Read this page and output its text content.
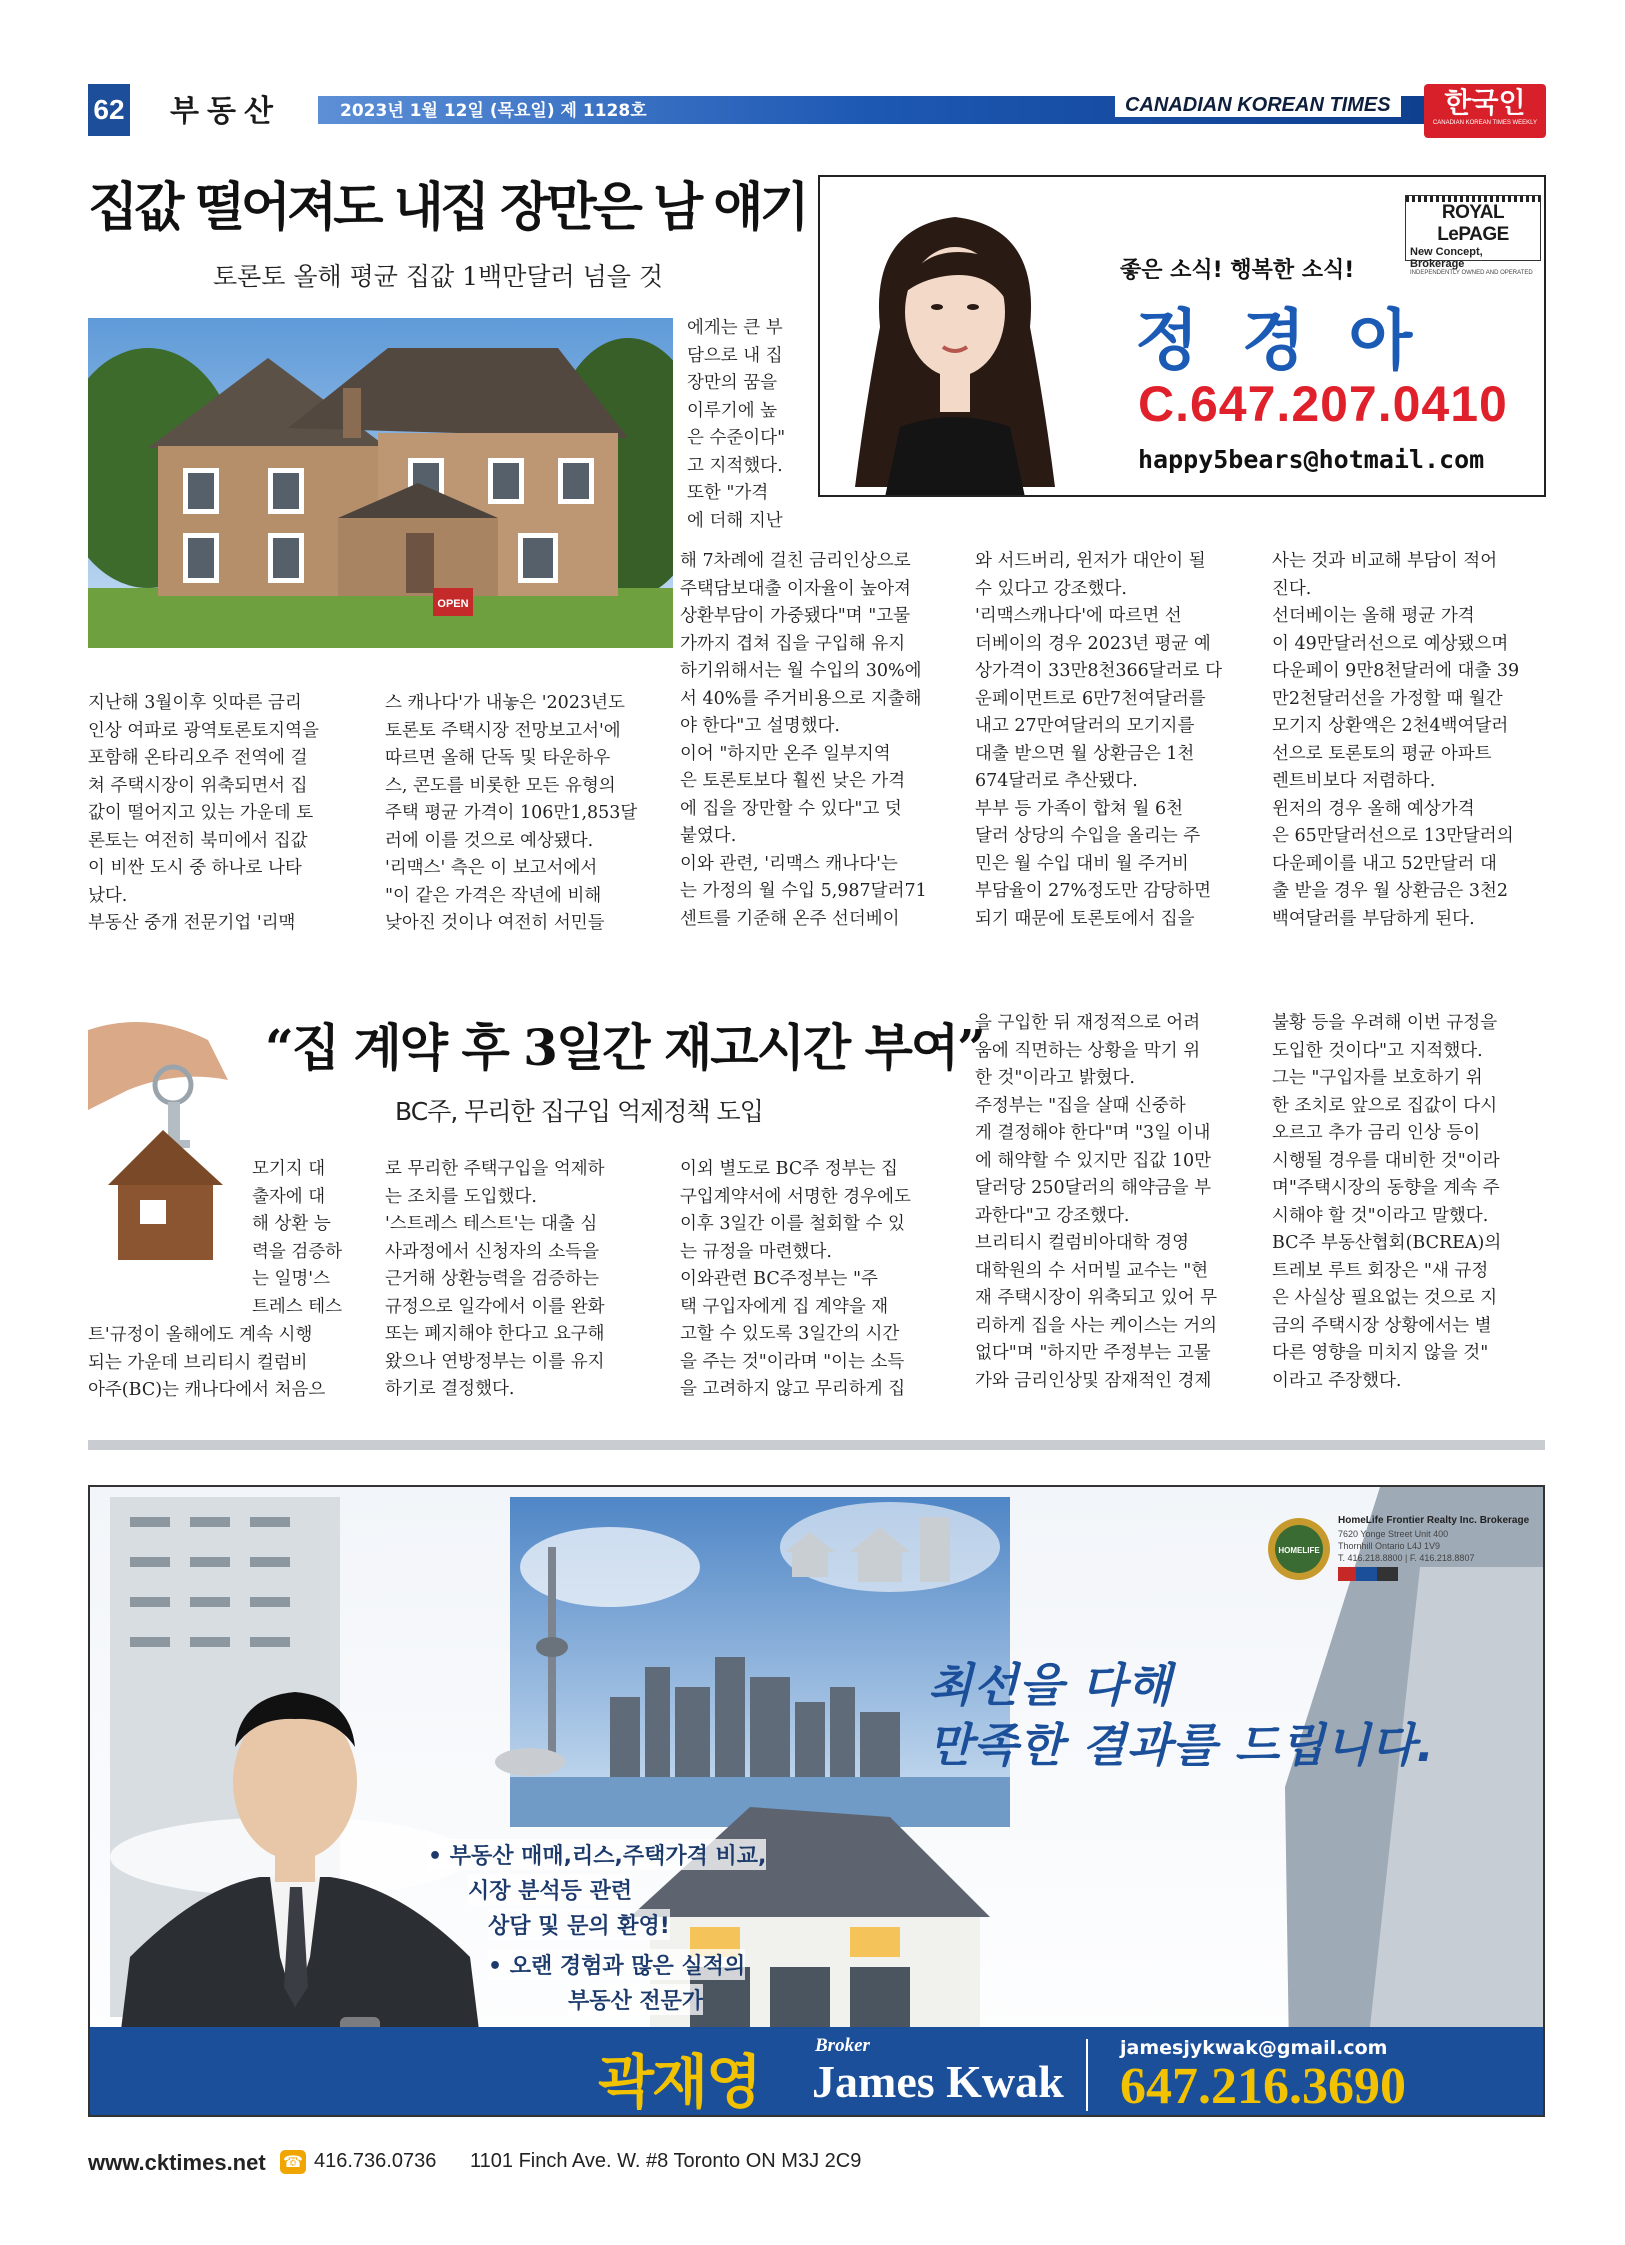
62 부동산	2023년 1월 12일 (목요일) 제 1128호	CANADIAN KOREAN TIMES	한국인
CANADIAN KOREAN TIMES WEEKLY
집값 떨어져도 내집 장만은 남 얘기
토론토 올해 평균 집값 1백만달러 넘을 것
OPEN
에게는 큰 부
담으로 내 집
장만의 꿈을
이루기에 높
은 수준이다"
고 지적했다.
또한 "가격
에 더해 지난
지난해 3월이후 잇따른 금리
인상 여파로 광역토론토지역을
포함해 온타리오주 전역에 걸
쳐 주택시장이 위축되면서 집
값이 떨어지고 있는 가운데 토
론토는 여전히 북미에서 집값
이 비싼 도시 중 하나로 나타
났다.
부동산 중개 전문기업 '리맥
스 캐나다'가 내놓은 '2023년도
토론토 주택시장 전망보고서'에
따르면 올해 단독 및 타운하우
스, 콘도를 비롯한 모든 유형의
주택 평균 가격이 106만1,853달
러에 이를 것으로 예상됐다.
'리맥스' 측은 이 보고서에서
"이 같은 가격은 작년에 비해
낮아진 것이나 여전히 서민들
해 7차례에 걸친 금리인상으로
주택담보대출 이자율이 높아져
상환부담이 가중됐다"며 "고물
가까지 겹쳐 집을 구입해 유지
하기위해서는 월 수입의 30%에
서 40%를 주거비용으로 지출해
야 한다"고 설명했다.
이어 "하지만 온주 일부지역
은 토론토보다 훨씬 낮은 가격
에 집을 장만할 수 있다"고 덧
붙였다.
이와 관련, '리맥스 캐나다'는
는 가정의 월 수입 5,987달러71
센트를 기준해 온주 선더베이
와 서드버리, 윈저가 대안이 될
수 있다고 강조했다.
'리맥스캐나다'에 따르면 선
더베이의 경우 2023년 평균 예
상가격이 33만8천366달러로 다
운페이먼트로 6만7천여달러를
내고 27만여달러의 모기지를
대출 받으면 월 상환금은 1천
674달러로 추산됐다.
부부 등 가족이 합쳐 월 6천
달러 상당의 수입을 올리는 주
민은 월 수입 대비 월 주거비
부담율이 27%정도만 감당하면
되기 때문에 토론토에서 집을
사는 것과 비교해 부담이 적어
진다.
선더베이는 올해 평균 가격
이 49만달러선으로 예상됐으며
다운페이 9만8천달러에 대출 39
만2천달러선을 가정할 때 월간
모기지 상환액은 2천4백여달러
선으로 토론토의 평균 아파트
렌트비보다 저렴하다.
윈저의 경우 올해 예상가격
은 65만달러선으로 13만달러의
다운페이를 내고 52만달러 대
출 받을 경우 월 상환금은 3천2
백여달러를 부담하게 된다.
ROYAL LePAGE
New Concept, Brokerage
INDEPENDENTLY OWNED AND OPERATED
좋은 소식! 행복한 소식!
정 경 아
C.647.207.0410
happy5bears@hotmail.com
“집 계약 후 3일간 재고시간 부여”
BC주, 무리한 집구입 억제정책 도입
모기지 대
출자에 대
해 상환 능
력을 검증하
는 일명'스
트레스 테스
트'규정이 올해에도 계속 시행
되는 가운데 브리티시 컬럼비
아주(BC)는 캐나다에서 처음으
로 무리한 주택구입을 억제하
는 조치를 도입했다.
'스트레스 테스트'는 대출 심
사과정에서 신청자의 소득을
근거해 상환능력을 검증하는
규정으로 일각에서 이를 완화
또는 폐지해야 한다고 요구해
왔으나 연방정부는 이를 유지
하기로 결정했다.
이외 별도로 BC주 정부는 집
구입계약서에 서명한 경우에도
이후 3일간 이를 철회할 수 있
는 규정을 마련했다.
이와관련 BC주정부는 "주
택 구입자에게 집 계약을 재
고할 수 있도록 3일간의 시간
을 주는 것"이라며 "이는 소득
을 고려하지 않고 무리하게 집
을 구입한 뒤 재정적으로 어려
움에 직면하는 상황을 막기 위
한 것"이라고 밝혔다.
주정부는 "집을 살때 신중하
게 결정해야 한다"며 "3일 이내
에 해약할 수 있지만 집값 10만
달러당 250달러의 해약금을 부
과한다"고 강조했다.
브리티시 컬럼비아대학 경영
대학원의 수 서머빌 교수는 "현
재 주택시장이 위축되고 있어 무
리하게 집을 사는 케이스는 거의
없다"며 "하지만 주정부는 고물
가와 금리인상및 잠재적인 경제
불황 등을 우려해 이번 규정을
도입한 것이다"고 지적했다.
그는 "구입자를 보호하기 위
한 조치로 앞으로 집값이 다시
오르고 추가 금리 인상 등이
시행될 경우를 대비한 것"이라
며"주택시장의 동향을 계속 주
시해야 할 것"이라고 말했다.
BC주 부동산협회(BCREA)의
트레보 루트 회장은 "새 규정
은 사실상 필요없는 것으로 지
금의 주택시장 상황에서는 별
다른 영향을 미치지 않을 것"
이라고 주장했다.
HOMELIFE
HomeLife Frontier Realty Inc. Brokerage
7620 Yonge Street Unit 400
Thornhill Ontario L4J 1V9
T. 416.218.8800 | F. 416.218.8807
최선을 다해
만족한 결과를 드립니다.
• 부동산 매매,리스,주택가격 비교,
시장 분석등 관련
상담 및 문의 환영!
• 오랜 경험과 많은 실적의
부동산 전문가
곽재영
Broker
James Kwak
jamesjykwak@gmail.com
647.216.3690
www.cktimes.net ☎ 416.736.0736 1101 Finch Ave. W. #8 Toronto ON M3J 2C9
